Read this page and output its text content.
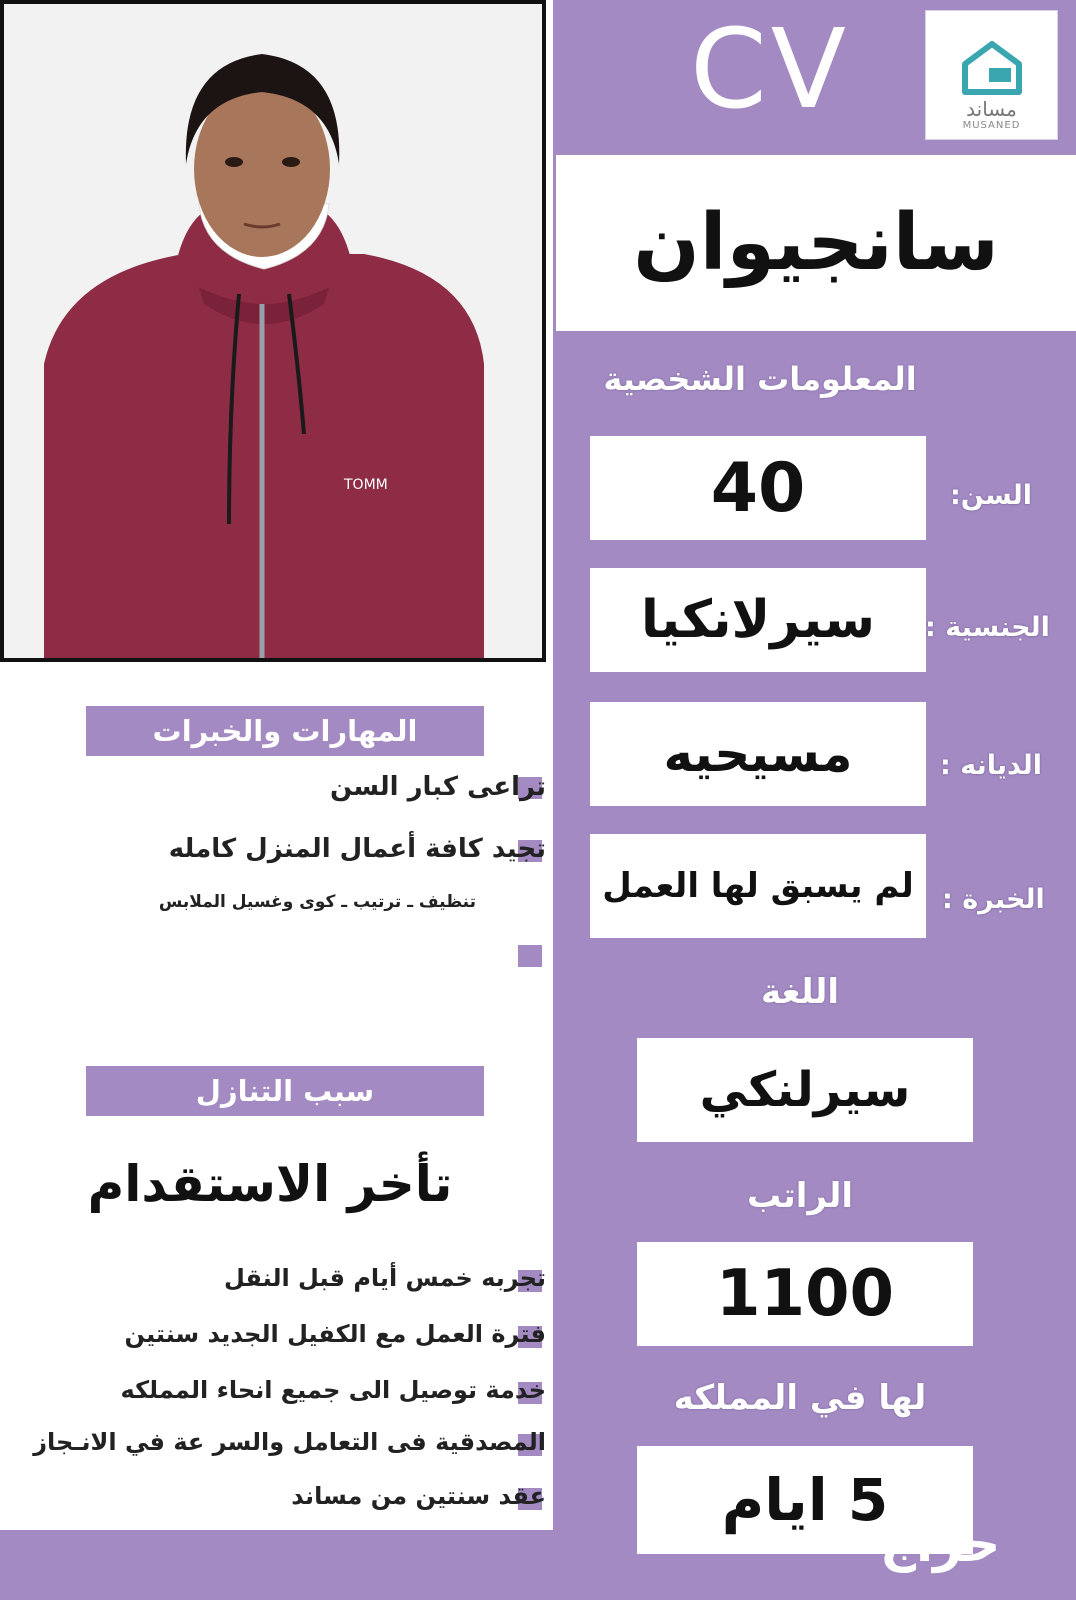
TOMM
CV	مساند
MUSANED
سانجيوان
المعلومات الشخصية
40	السن:
سيرلانكيا	الجنسية :
مسيحيه	الديانه :
لم يسبق لها العمل	الخبرة :
اللغة
سيرلنكي
الراتب
1100
لها في المملكه
5 ايام
المهارات والخبرات
تراعى كبار السن
تجيد كافة أعمال المنزل كامله
تنظيف ـ ترتيب ـ كوى وغسيل الملابس
سبب التنازل
تأخر الاستقدام
تجربه خمس أيام قبل النقل
فترة العمل مع الكفيل الجديد سنتين
خدمة توصيل الى جميع انحاء المملكه
المصدقية فى التعامل والسر عة في الانـجاز
عقد سنتين من مساند
حراج
